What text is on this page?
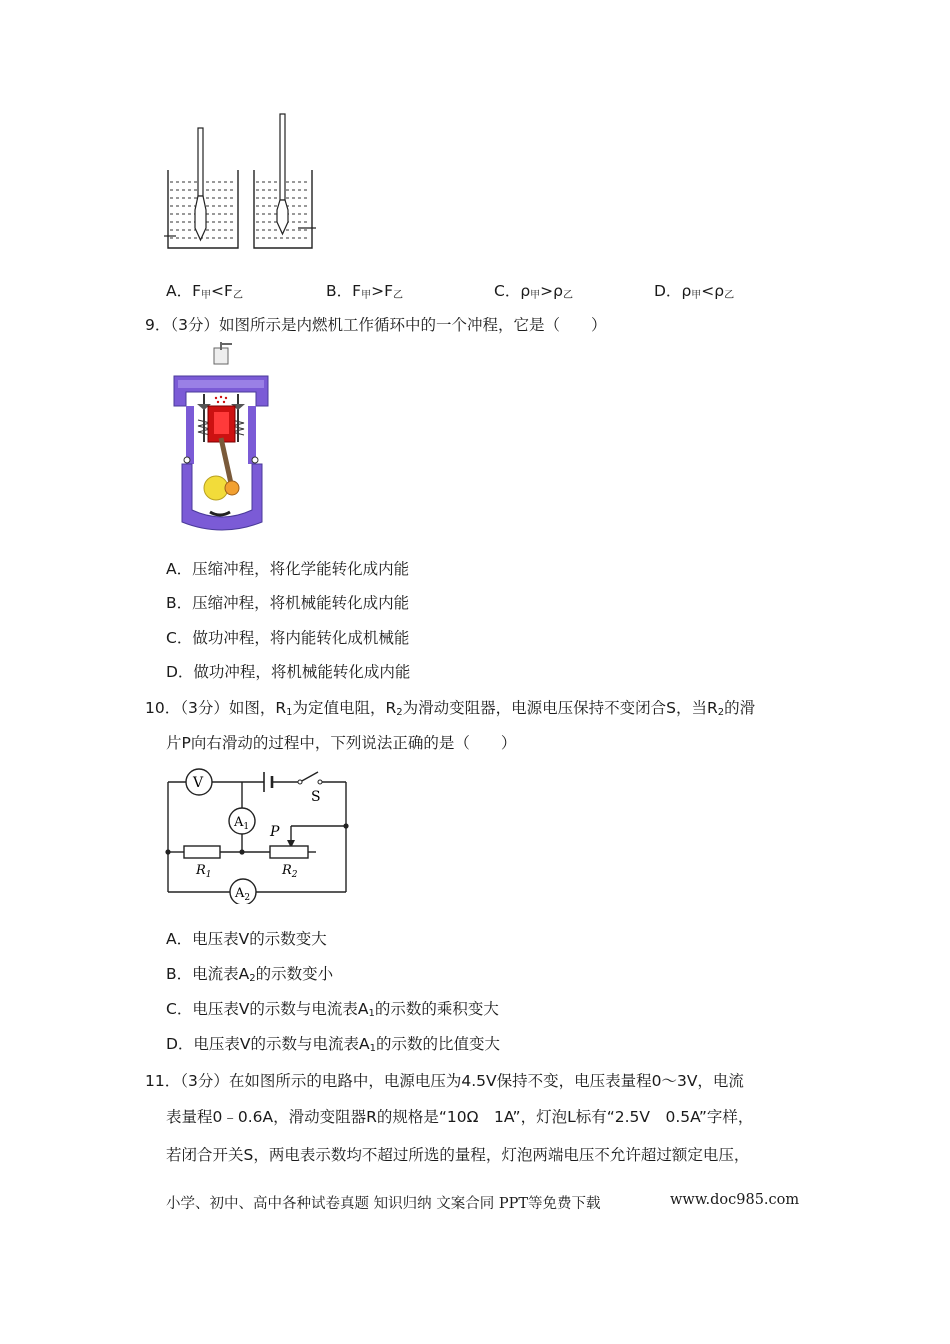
A．$F_甲<F_乙$	B．$F_甲>F_乙$	C．$\rho_甲>\rho_乙$	D．$\rho_甲<\rho_乙$
9．（3分）如图所示是内燃机工作循环中的一个冲程，它是（　　）
A．压缩冲程，将化学能转化成内能
B．压缩冲程，将机械能转化成内能
C．做功冲程，将内能转化成机械能
D．做功冲程，将机械能转化成内能
10．（3分）如图，$R_1$为定值电阻，$R_2$为滑动变阻器，电源电压保持不变闭合S，当$R_2$的滑
片P向右滑动的过程中，下列说法正确的是（　　）
V
$A_1$
$A_2$
S
P
$R_1$	$R_2$
A．电压表V的示数变大
B．电流表$A_2$的示数变小
C．电压表V的示数与电流表$A_1$的示数的乘积变大
D．电压表V的示数与电流表$A_1$的示数的比值变大
11．（3分）在如图所示的电路中，电源电压为4.5V保持不变，电压表量程0～3V，电流
表量程0﹣0.6A，滑动变阻器R的规格是“10Ω　1A”，灯泡L标有“2.5V　0.5A”字样，
若闭合开关S，两电表示数均不超过所选的量程，灯泡两端电压不允许超过额定电压，
小学、初中、高中各种试卷真题 知识归纳 文案合同 PPT等免费下载	www.doc985.com
